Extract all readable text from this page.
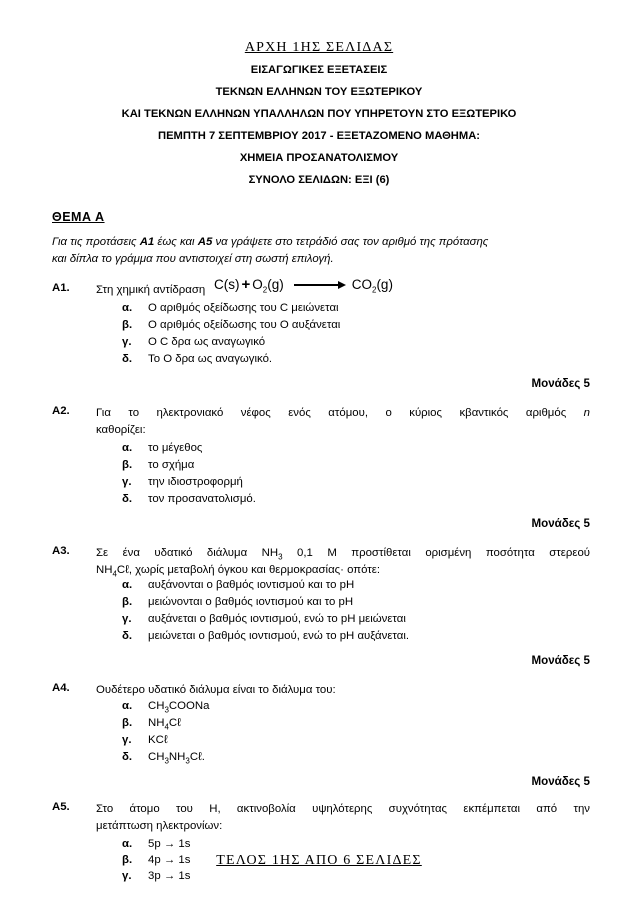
ΑΡΧΗ 1ΗΣ ΣΕΛΙΔΑΣ
ΕΙΣΑΓΩΓΙΚΕΣ ΕΞΕΤΑΣΕΙΣ
ΤΕΚΝΩΝ ΕΛΛΗΝΩΝ ΤΟΥ ΕΞΩΤΕΡΙΚΟΥ
ΚΑΙ ΤΕΚΝΩΝ ΕΛΛΗΝΩΝ ΥΠΑΛΛΗΛΩΝ ΠΟΥ ΥΠΗΡΕΤΟΥΝ ΣΤΟ ΕΞΩΤΕΡΙΚΟ
ΠΕΜΠΤΗ 7 ΣΕΠΤΕΜΒΡΙΟΥ 2017 - ΕΞΕΤΑΖΟΜΕΝΟ ΜΑΘΗΜΑ:
ΧΗΜΕΙΑ ΠΡΟΣΑΝΑΤΟΛΙΣΜΟΥ
ΣΥΝΟΛΟ ΣΕΛΙΔΩΝ: ΕΞΙ (6)
ΘΕΜΑ Α
Για τις προτάσεις Α1 έως και Α5 να γράψετε στο τετράδιό σας τον αριθμό της πρότασης
και δίπλα το γράμμα που αντιστοιχεί στη σωστή επιλογή.
Α1. Στη χημική αντίδραση $C(s) + O_2(g)$	$CO_2(g)$
α. Ο αριθμός οξείδωσης του C μειώνεται
β. Ο αριθμός οξείδωσης του Ο αυξάνεται
γ. Ο C δρα ως αναγωγικό
δ. Το Ο δρα ως αναγωγικό.
Μονάδες 5
Α2. Για το ηλεκτρονιακό νέφος ενός ατόμου, ο κύριος κβαντικός αριθμός n
καθορίζει:
α. το μέγεθος
β. το σχήμα
γ. την ιδιοστροφορμή
δ. τον προσανατολισμό.
Μονάδες 5
Α3. Σε ένα υδατικό διάλυμα $NH_3$ 0,1 M προστίθεται ορισμένη ποσότητα στερεού
$NH_4C\ell$, χωρίς μεταβολή όγκου και θερμοκρασίας· οπότε:
α. αυξάνονται ο βαθμός ιοντισμού και το pH
β. μειώνονται ο βαθμός ιοντισμού και το pH
γ. αυξάνεται ο βαθμός ιοντισμού, ενώ το pH μειώνεται
δ. μειώνεται ο βαθμός ιοντισμού, ενώ το pH αυξάνεται.
Μονάδες 5
Α4. Ουδέτερο υδατικό διάλυμα είναι το διάλυμα του:
α. $CH_3COONa$
β. $NH_4C\ell$
γ. KCℓ
δ. $CH_3NH_3C\ell$.
Μονάδες 5
Α5. Στο άτομο του Η, ακτινοβολία υψηλότερης συχνότητας εκπέμπεται από την
μετάπτωση ηλεκτρονίων:
α. 5p → 1s
β. 4p → 1s
γ. 3p → 1s
ΤΕΛΟΣ 1ΗΣ ΑΠΟ 6 ΣΕΛΙΔΕΣ
